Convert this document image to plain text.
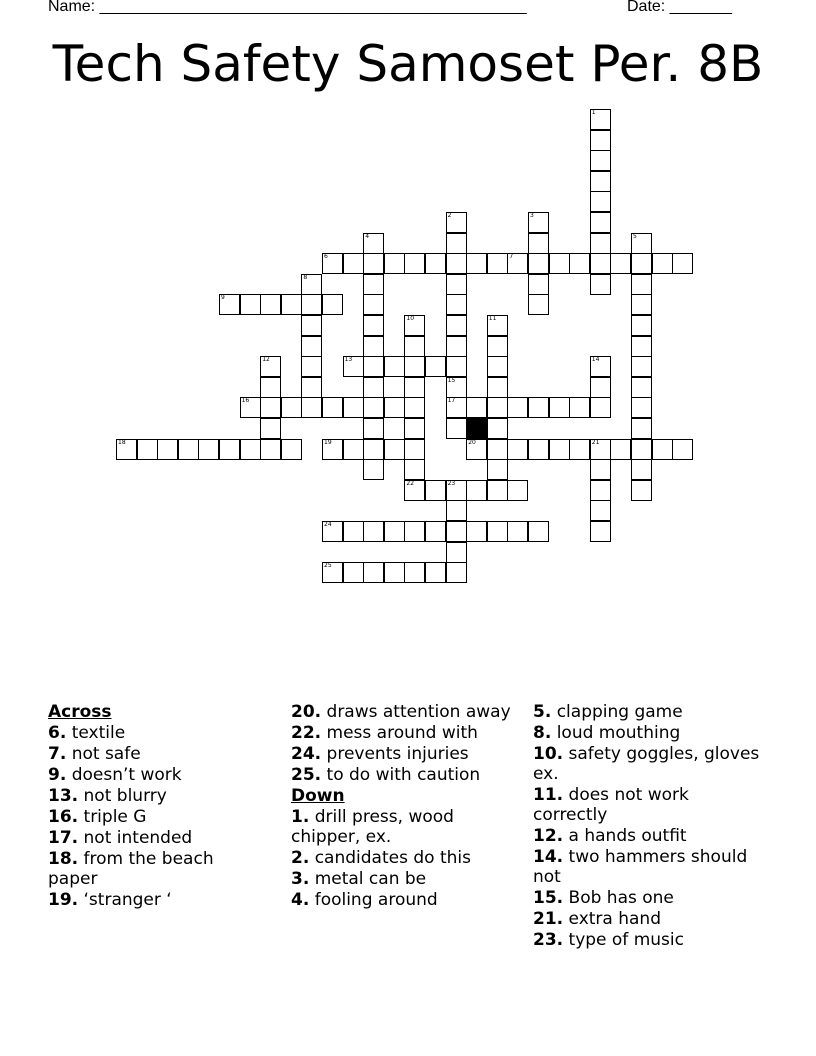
Name: ________________________________________________	Date: _______
Tech Safety Samoset Per. 8B
6	7
9
13
16	17
18	19	20	21
22	23
24
25
1
2	3
4	5
8
10	11
12	14
15

Across

6. textile

7. not safe

9. doesn’t work

13. not blurry

16. triple G

17. not intended

18. from the beach paper

19. ‘stranger ‘

20. draws attention away

22. mess around with

24. prevents injuries

25. to do with caution

Down

1. drill press, wood chipper, ex.

2. candidates do this

3. metal can be

4. fooling around

5. clapping game

8. loud mouthing

10. safety goggles, gloves ex.

11. does not work correctly

12. a hands outfit

14. two hammers should not

15. Bob has one

21. extra hand

23. type of music
